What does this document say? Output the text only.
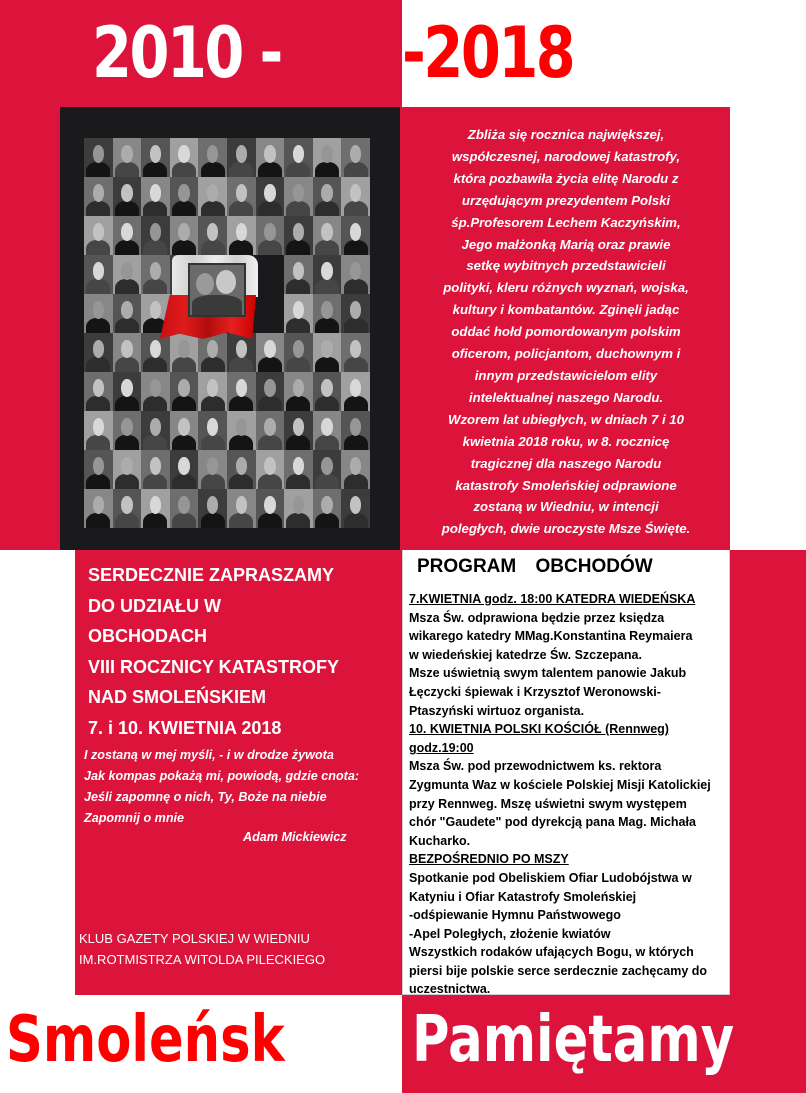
2010 - -2018
Zbliża się rocznica największej,
współczesnej, narodowej katastrofy,
która pozbawiła życia elitę Narodu z
urzędującym prezydentem Polski
śp.Profesorem Lechem Kaczyńskim,
Jego małżonką Marią oraz prawie
setkę wybitnych przedstawicieli
polityki, kleru różnych wyznań, wojska,
kultury i kombatantów. Zginęli jadąc
oddać hołd pomordowanym polskim
oficerom, policjantom, duchownym i
innym przedstawicielom elity
intelektualnej naszego Narodu.
Wzorem lat ubiegłych, w dniach 7 i 10
kwietnia 2018 roku, w 8. rocznicę
tragicznej dla naszego Narodu
katastrofy Smoleńskiej odprawione
zostaną w Wiedniu, w intencji
poległych, dwie uroczyste Msze Święte.
SERDECZNIE ZAPRASZAMY
DO UDZIAŁU W
OBCHODACH
VIII ROCZNICY KATASTROFY
NAD SMOLEŃSKIEM
7. i 10. KWIETNIA 2018
I zostaną w mej myśli, - i w drodze żywota
Jak kompas pokażą mi, powiodą, gdzie cnota:
Jeśli zapomnę o nich, Ty, Boże na niebie
Zapomnij o mnie
Adam Mickiewicz
KLUB GAZETY POLSKIEJ W WIEDNIU
IM.ROTMISTRZA WITOLDA PILECKIEGO
PROGRAM OBCHODÓW
7.KWIETNIA godz. 18:00 KATEDRA WIEDEŃSKA
Msza Św. odprawiona będzie przez księdza
wikarego katedry MMag.Konstantina Reymaiera
w wiedeńskiej katedrze Św. Szczepana.
Msze uświetnią swym talentem panowie Jakub
Łęczycki śpiewak i Krzysztof Weronowski-
Ptaszyński wirtuoz organista.
10. KWIETNIA POLSKI KOŚCIÓŁ (Rennweg)
godz.19:00
Msza Św. pod przewodnictwem ks. rektora
Zygmunta Waz w kościele Polskiej Misji Katolickiej
przy Rennweg. Mszę uświetni swym występem
chór "Gaudete" pod dyrekcją pana Mag. Michała
Kucharko.
BEZPOŚREDNIO PO MSZY
Spotkanie pod Obeliskiem Ofiar Ludobójstwa w
Katyniu i Ofiar Katastrofy Smoleńskiej
-odśpiewanie Hymnu Państwowego
-Apel Poległych, złożenie kwiatów
Wszystkich rodaków ufających Bogu, w których
piersi bije polskie serce serdecznie zachęcamy do
uczestnictwa.
Smoleńsk Pamiętamy
